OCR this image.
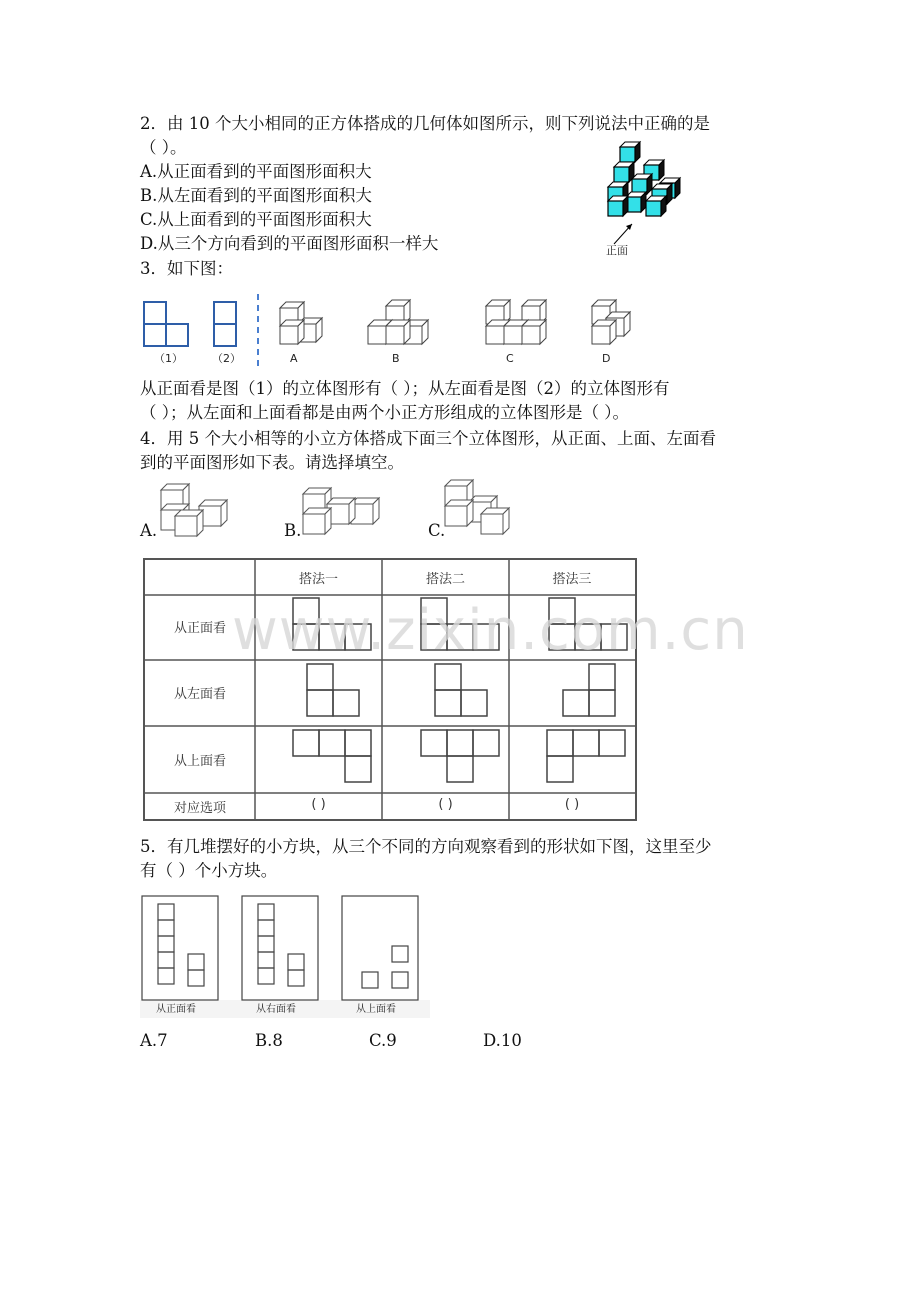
2．由 10 个大小相同的正方体搭成的几何体如图所示，则下列说法中正确的是
（ ）。
A.从正面看到的平面图形面积大
B.从左面看到的平面图形面积大
C.从上面看到的平面图形面积大
D.从三个方向看到的平面图形面积一样大	正面
3．如下图：
（1）	（2）	A	B	C	D
从正面看是图（1）的立体图形有（ ）；从左面看是图（2）的立体图形有
（ ）；从左面和上面看都是由两个小正方形组成的立体图形是（ ）。
4．用 5 个大小相等的小立方体搭成下面三个立体图形，从正面、上面、左面看
到的平面图形如下表。请选择填空。
A.	B.	C.
搭法一	搭法二	搭法三
从正面看
从左面看
从上面看
对应选项	( )	( )	( )
www.zixin.com.cn
5．有几堆摆好的小方块，从三个不同的方向观察看到的形状如下图，这里至少
有（ ）个小方块。
从正面看	从右面看	从上面看
A.7	B.8	C.9	D.10
